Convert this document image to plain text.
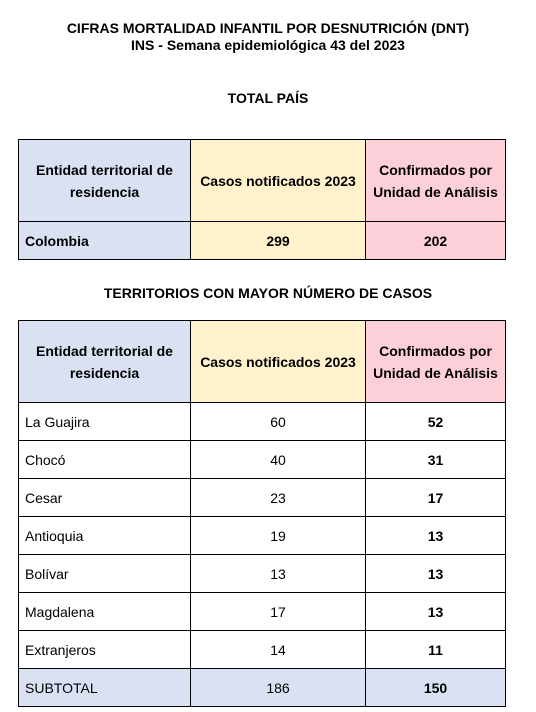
CIFRAS MORTALIDAD INFANTIL POR DESNUTRICIÓN (DNT)
INS - Semana epidemiológica 43 del 2023
TOTAL PAÍS
Entidad territorial de residencia	Casos notificados 2023	Confirmados por Unidad de Análisis
Colombia	299	202
TERRITORIOS CON MAYOR NÚMERO DE CASOS
Entidad territorial de residencia	Casos notificados 2023	Confirmados por Unidad de Análisis
La Guajira	60	52
Chocó	40	31
Cesar	23	17
Antioquia	19	13
Bolívar	13	13
Magdalena	17	13
Extranjeros	14	11
SUBTOTAL	186	150
